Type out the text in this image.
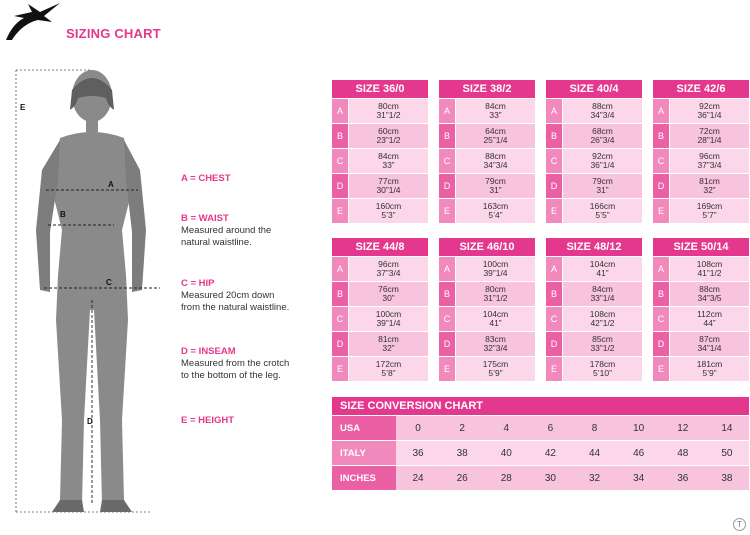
SIZING CHART
A
B
C
D
E
A = CHEST
B = WAIST
Measured around the
natural waistline.
C = HIP
Measured 20cm down
from the natural waistline.
D = INSEAM
Measured from the crotch
to the bottom of the leg.
E = HEIGHT
SIZE 36/0
A	80cm
31”1/2
B	60cm
23”1/2
C	84cm
33”
D	77cm
30”1/4
E	160cm
5’3”
SIZE 38/2
A	84cm
33”
B	64cm
25”1/4
C	88cm
34”3/4
D	79cm
31”
E	163cm
5’4”
SIZE 40/4
A	88cm
34”3/4
B	68cm
26”3/4
C	92cm
36”1/4
D	79cm
31”
E	166cm
5’5”
SIZE 42/6
A	92cm
36”1/4
B	72cm
28”1/4
C	96cm
37”3/4
D	81cm
32”
E	169cm
5’7”
SIZE 44/8
A	96cm
37”3/4
B	76cm
30”
C	100cm
39”1/4
D	81cm
32”
E	172cm
5’8”
SIZE 46/10
A	100cm
39”1/4
B	80cm
31”1/2
C	104cm
41”
D	83cm
32”3/4
E	175cm
5’9”
SIZE 48/12
A	104cm
41”
B	84cm
33”1/4
C	108cm
42”1/2
D	85cm
33”1/2
E	178cm
5’10”
SIZE 50/14
A	108cm
41”1/2
B	88cm
34”3/5
C	112cm
44”
D	87cm
34”1/4
E	181cm
5’9”
SIZE CONVERSION CHART
USA	0	2	4	6	8	10	12	14
ITALY	36	38	40	42	44	46	48	50
INCHES	24	26	28	30	32	34	36	38
T
